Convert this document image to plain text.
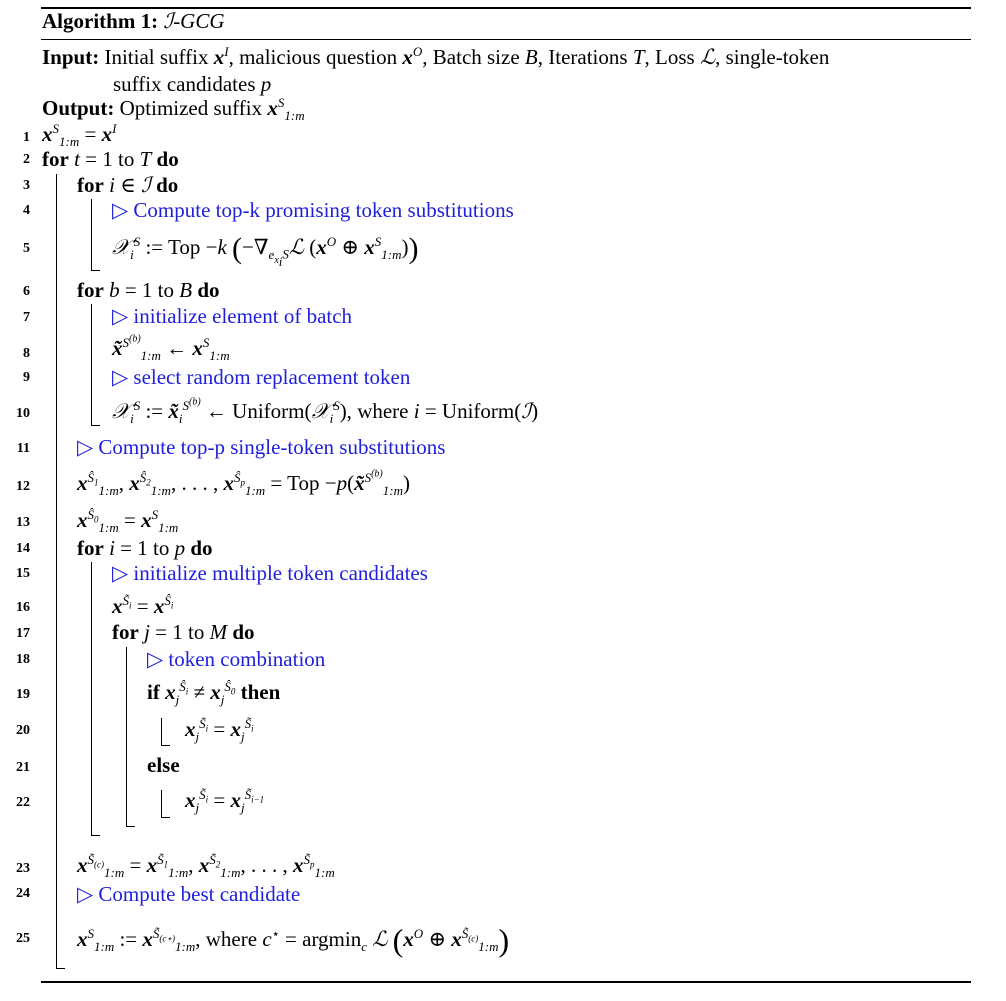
Algorithm 1: ℐ-GCG
Input: Initial suffix $x^I$, malicious question $x^O$, Batch size B, Iterations T, Loss ℒ, single-token
suffix candidates p
Output: Optimized suffix $x^S_{1:m}$
1
2
3
4
5
6
7
8
9
10
11
12
13
14
15
16
17
18
19
20
21
22
23
24
25
$x^S_{1:m} = x^I$
for t = 1 to T do
for i ∈ ℐ do
▷ Compute top-k promising token substitutions
𝒳$_i^S$ := Top −k ($-\nabla_{e_{x_i^S}}ℒ$ ($x^O$ ⊕ $x^S_{1:m}$))
for b = 1 to B do
▷ initialize element of batch
x̃$^{S^{(b)}}_{1:m}$ ← $x^S_{1:m}$
▷ select random replacement token
𝒳$_i^S$ := $x̃_i^{S^{(b)}}$ ← Uniform(𝒳$_i^S$), where i = Uniform(ℐ)
▷ Compute top-p single-token substitutions
$x^{Ŝ_1}_{1:m}$, $x^{Ŝ_2}_{1:m}$, . . . , $x^{Ŝ_p}_{1:m}$ = Top −p(x̃$^{S^{(b)}}_{1:m}$)
$x^{Ŝ_0}_{1:m} = x^S_{1:m}$
for i = 1 to p do
▷ initialize multiple token candidates
$x^{S̃_i} = x^{Ŝ_i}$
for j = 1 to M do
▷ token combination
if $x_j^{Ŝ_i} \ne x_j^{Ŝ_0}$ then
$x_j^{S̃_i} = x_j^{S̃_i}$
else
$x_j^{S̃_i} = x_j^{S̃_{i-1}}$
$x^{S̃_{(c)}}_{1:m} = x^{S̃_1}_{1:m}$, $x^{S̃_2}_{1:m}$, . . . , $x^{S̃_p}_{1:m}$
▷ Compute best candidate
$x^S_{1:m}$ := $x^{S̃_{(c⋆)}}_{1:m}$, where c⋆ = argmin$_c$ ℒ ($x^O$ ⊕ $x^{S̃_{(c)}}_{1:m}$)
